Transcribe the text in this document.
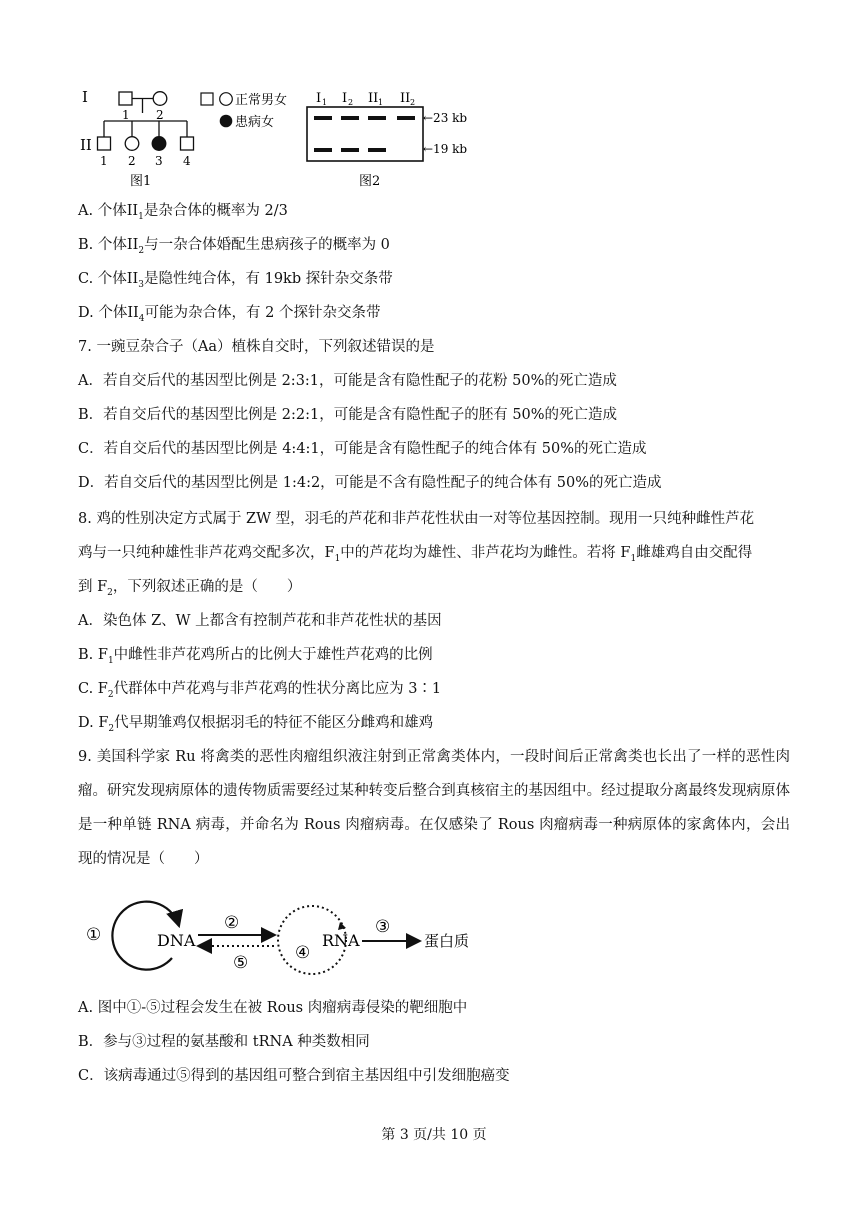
I
II
1 2
1 2 3 4
图1
正常男女
患病女
I 1 I 2 II 1 II 2
←23 kb
←19 kb
图2
A. 个体$II_1$是杂合体的概率为 2/3
B. 个体$II_2$与一杂合体婚配生患病孩子的概率为 0
C. 个体$II_3$是隐性纯合体，有 19kb 探针杂交条带
D. 个体$II_4$可能为杂合体，有 2 个探针杂交条带
7. 一豌豆杂合子（Aa）植株自交时，下列叙述错误的是
A．若自交后代的基因型比例是 2:3:1，可能是含有隐性配子的花粉 50%的死亡造成
B．若自交后代的基因型比例是 2:2:1，可能是含有隐性配子的胚有 50%的死亡造成
C．若自交后代的基因型比例是 4:4:1，可能是含有隐性配子的纯合体有 50%的死亡造成
D．若自交后代的基因型比例是 1:4:2，可能是不含有隐性配子的纯合体有 50%的死亡造成
8. 鸡的性别决定方式属于 ZW 型，羽毛的芦花和非芦花性状由一对等位基因控制。现用一只纯种雌性芦花
鸡与一只纯种雄性非芦花鸡交配多次，$F_1$中的芦花均为雄性、非芦花均为雌性。若将 $F_1$雌雄鸡自由交配得
到 $F_2$，下列叙述正确的是（　　）
A．染色体 Z、W 上都含有控制芦花和非芦花性状的基因
B. $F_1$中雌性非芦花鸡所占的比例大于雄性芦花鸡的比例
C. $F_2$代群体中芦花鸡与非芦花鸡的性状分离比应为 3∶1
D. $F_2$代早期雏鸡仅根据羽毛的特征不能区分雌鸡和雄鸡
9. 美国科学家 Ru 将禽类的恶性肉瘤组织液注射到正常禽类体内，一段时间后正常禽类也长出了一样的恶性肉瘤。研究发现病原体的遗传物质需要经过某种转变后整合到真核宿主的基因组中。经过提取分离最终发现病原体是一种单链 RNA 病毒，并命名为 Rous 肉瘤病毒。在仅感染了 Rous 肉瘤病毒一种病原体的家禽体内，会出现的情况是（　　）
①	DNA
②
⑤	④
RNA
③
蛋白质
A. 图中①-⑤过程会发生在被 Rous 肉瘤病毒侵染的靶细胞中
B．参与③过程的氨基酸和 tRNA 种类数相同
C．该病毒通过⑤得到的基因组可整合到宿主基因组中引发细胞癌变
第 3 页/共 10 页
